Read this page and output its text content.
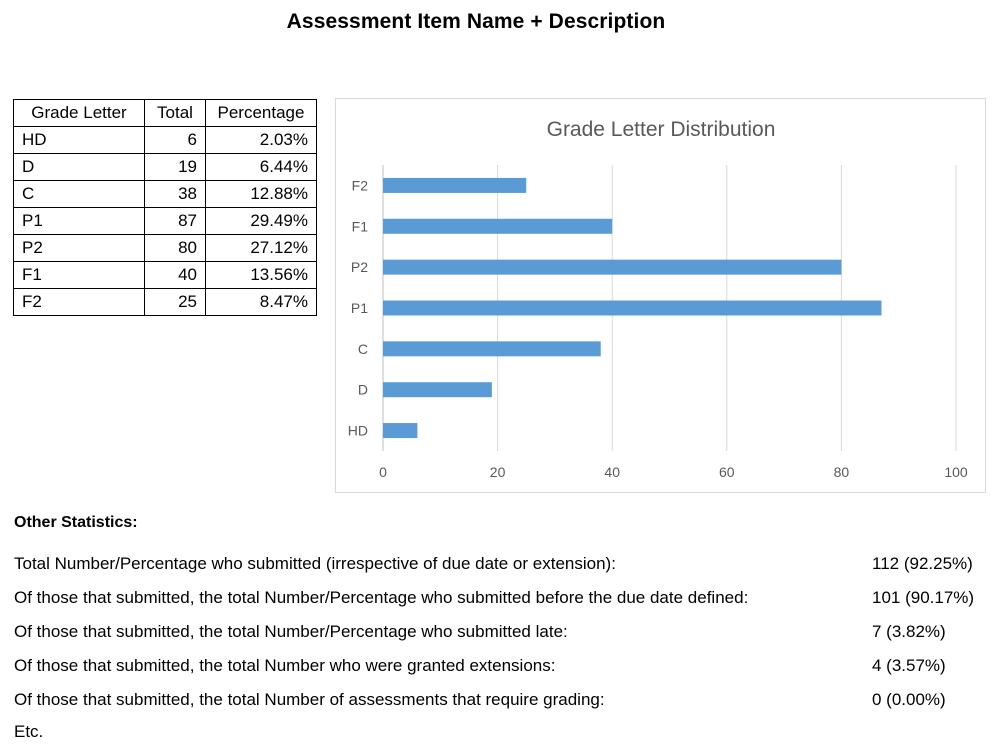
Assessment Item Name + Description
Grade Letter	Total	Percentage
HD	6	2.03%
D	19	6.44%
C	38	12.88%
P1	87	29.49%
P2	80	27.12%
F1	40	13.56%
F2	25	8.47%
Grade Letter Distribution
HD
D
C
P1
P2
F1
F2
0	20	40	60	80	100
Other Statistics:
Total Number/Percentage who submitted (irrespective of due date or extension):	112 (92.25%)
Of those that submitted, the total Number/Percentage who submitted before the due date defined:	101 (90.17%)
Of those that submitted, the total Number/Percentage who submitted late:	7 (3.82%)
Of those that submitted, the total Number who were granted extensions:	4 (3.57%)
Of those that submitted, the total Number of assessments that require grading:	0 (0.00%)
Etc.
